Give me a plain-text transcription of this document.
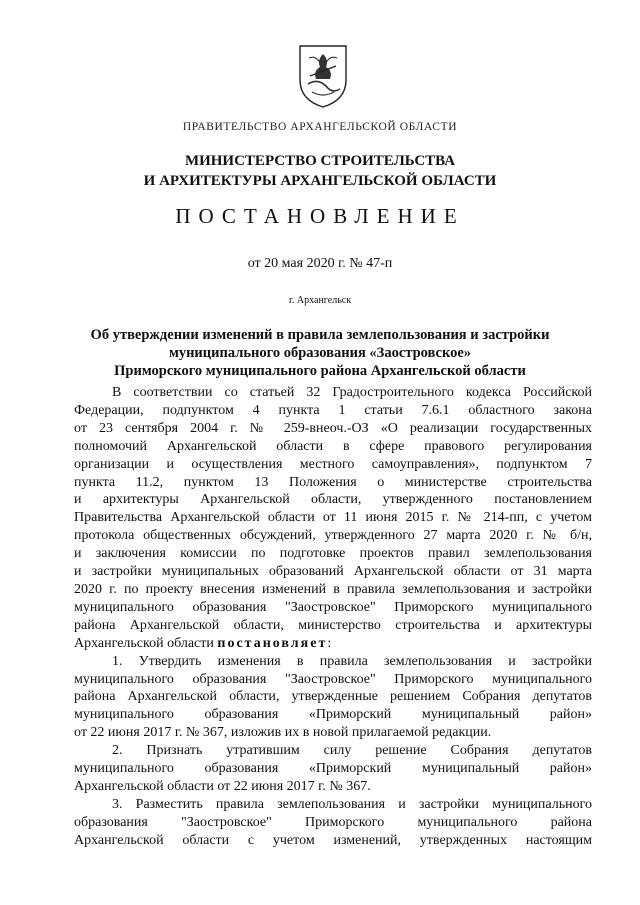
ПРАВИТЕЛЬСТВО АРХАНГЕЛЬСКОЙ ОБЛАСТИ
МИНИСТЕРСТВО СТРОИТЕЛЬСТВА
И АРХИТЕКТУРЫ АРХАНГЕЛЬСКОЙ ОБЛАСТИ
ПОСТАНОВЛЕНИЕ
от 20 мая 2020 г. № 47-п
г. Архангельск
Об утверждении изменений в правила землепользования и застройки
муниципального образования «Заостровское»
Приморского муниципального района Архангельской области

В соответствии со статьей 32 Градостроительного кодекса Российской

Федерации, подпунктом 4 пункта 1 статьи 7.6.1 областного закона

от 23 сентября 2004 г. № 259-внеоч.-ОЗ «О реализации государственных

полномочий Архангельской области в сфере правового регулирования

организации и осуществления местного самоуправления», подпунктом 7

пункта 11.2, пунктом 13 Положения о министерстве строительства

и архитектуры Архангельской области, утвержденного постановлением

Правительства Архангельской области от 11 июня 2015 г. № 214-пп, с учетом

протокола общественных обсуждений, утвержденного 27 марта 2020 г. № б/н,

и заключения комиссии по подготовке проектов правил землепользования

и застройки муниципальных образований Архангельской области от 31 марта

2020 г. по проекту внесения изменений в правила землепользования и застройки

муниципального образования "Заостровское" Приморского муниципального

района Архангельской области, министерство строительства и архитектуры

Архангельской области постановляет:

1. Утвердить изменения в правила землепользования и застройки

муниципального образования "Заостровское" Приморского муниципального

района Архангельской области, утвержденные решением Собрания депутатов

муниципального образования «Приморский муниципальный район»

от 22 июня 2017 г. № 367, изложив их в новой прилагаемой редакции.

2. Признать утратившим силу решение Собрания депутатов

муниципального образования «Приморский муниципальный район»

Архангельской области от 22 июня 2017 г. № 367.

3. Разместить правила землепользования и застройки муниципального

образования "Заостровское" Приморского муниципального района

Архангельской области с учетом изменений, утвержденных настоящим
